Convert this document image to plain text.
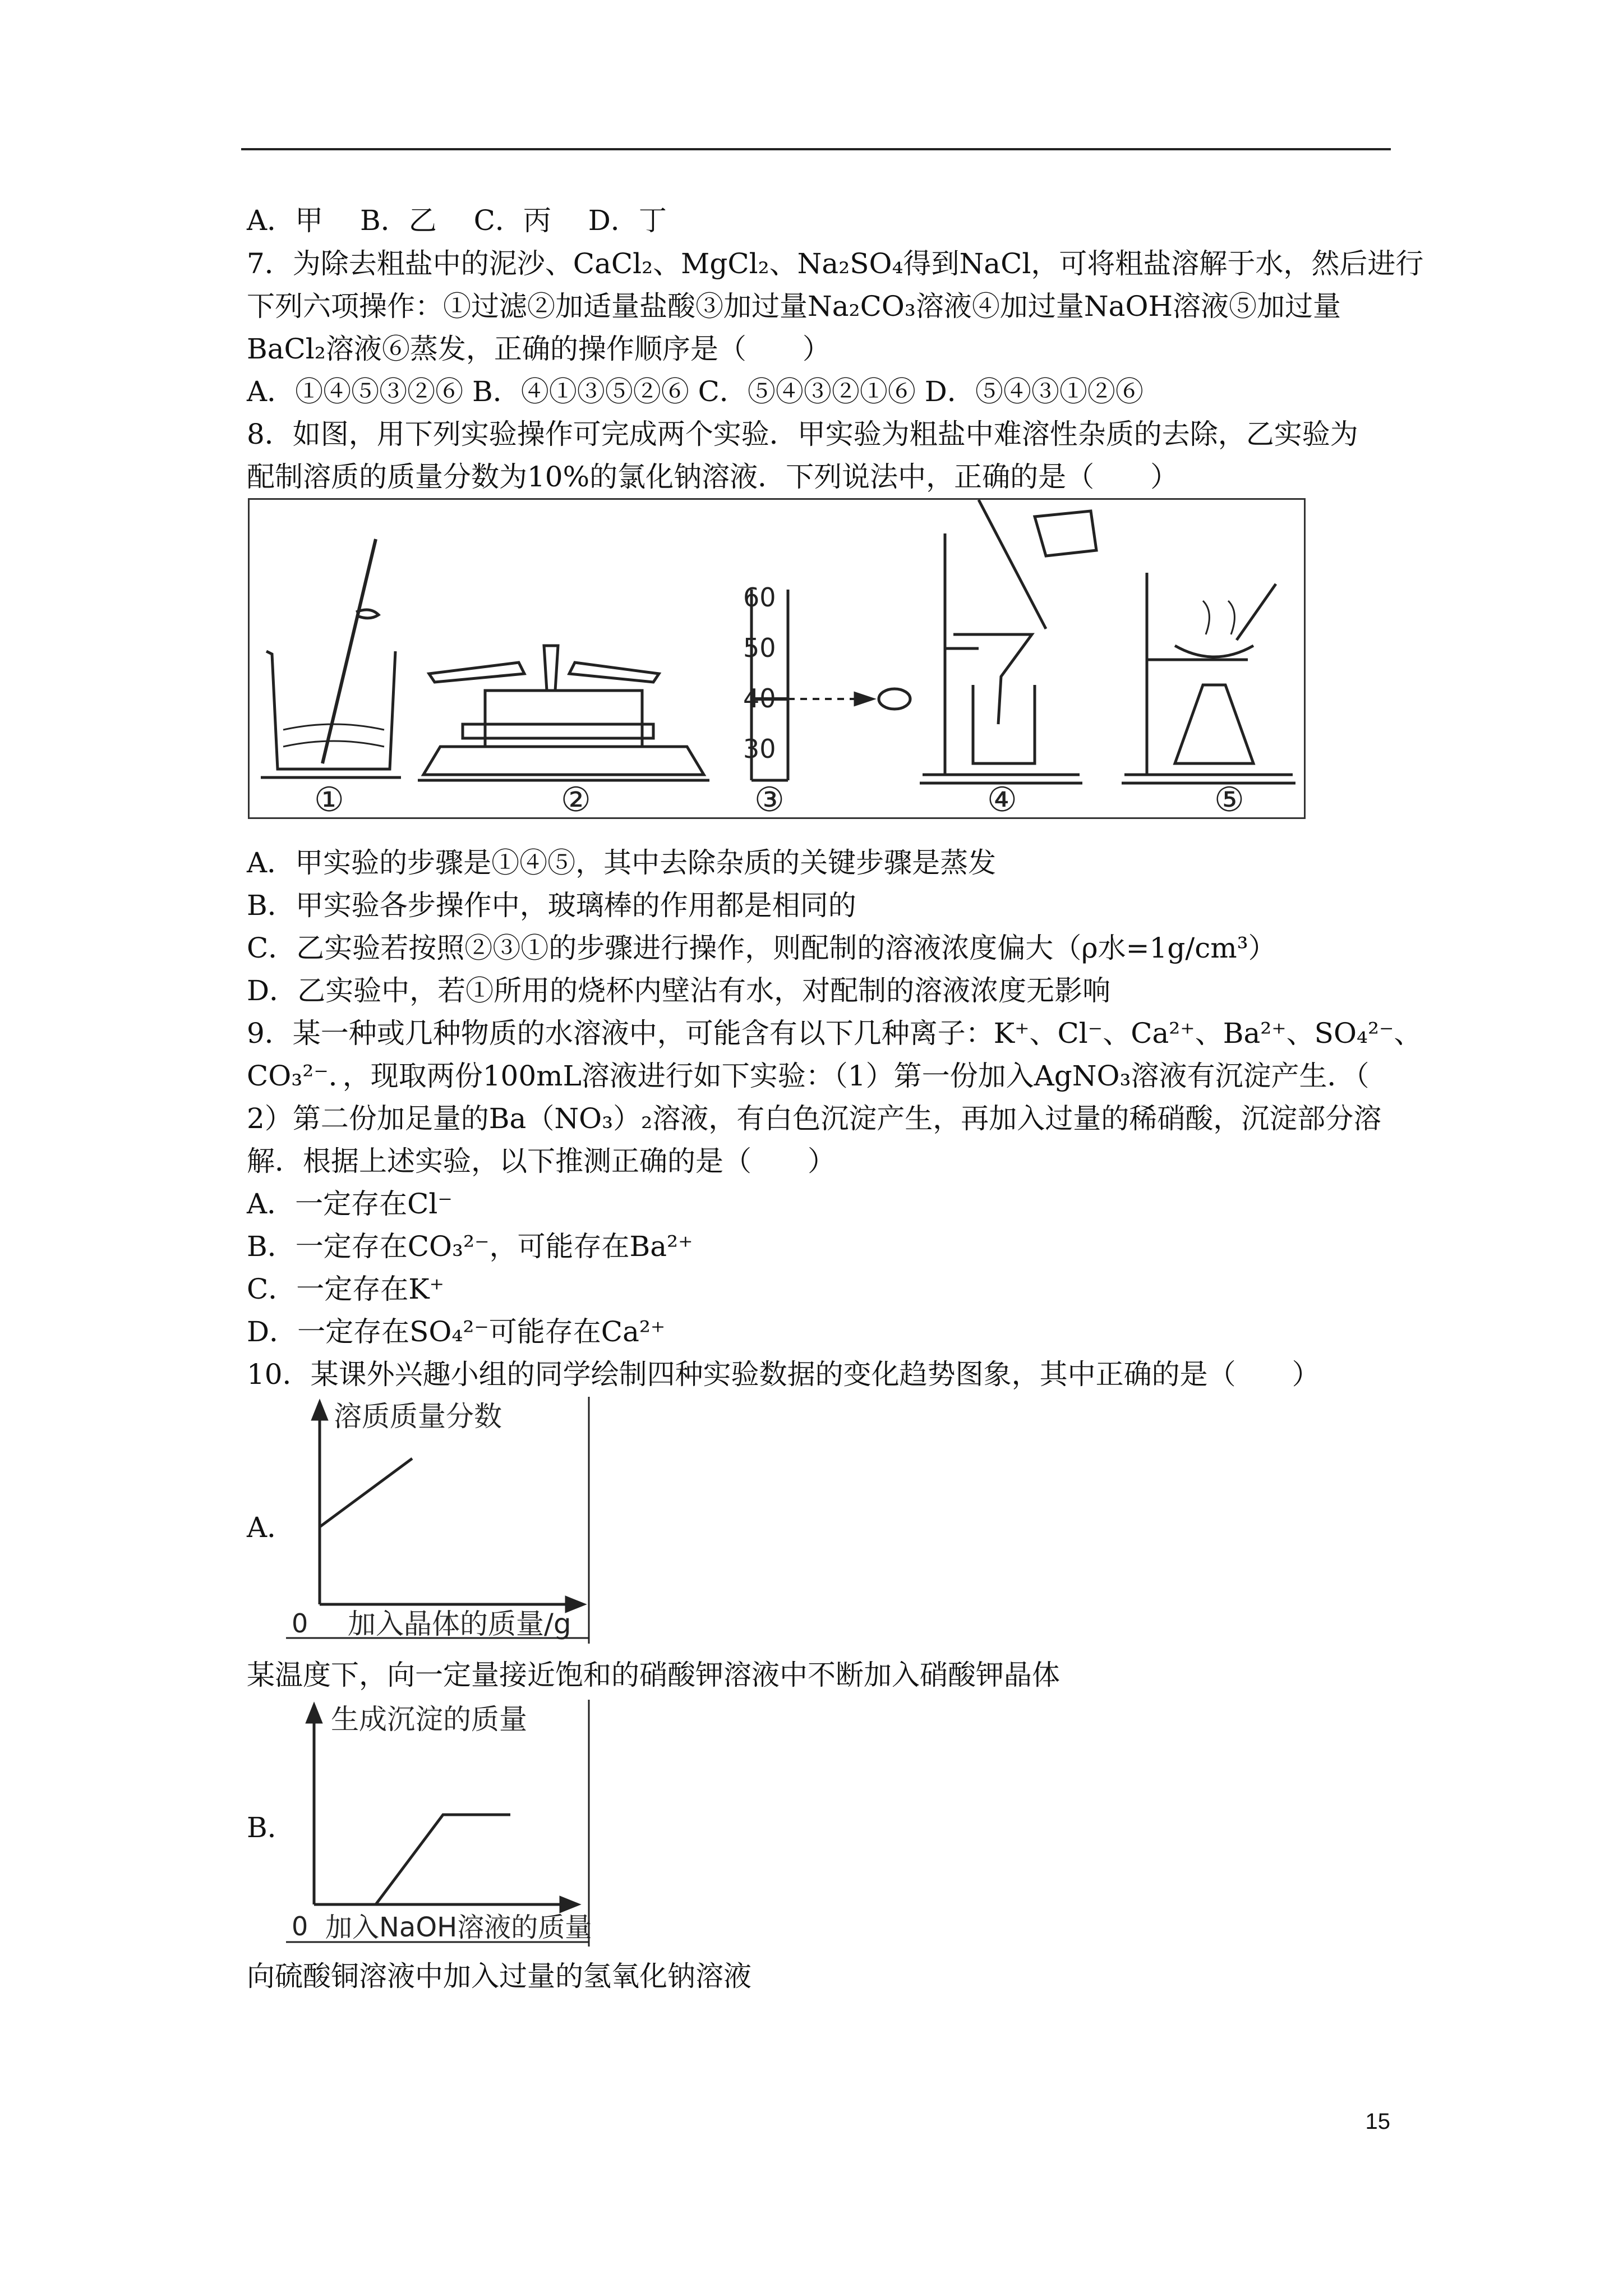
A．甲　 B．乙　 C．丙　 D．丁
7．为除去粗盐中的泥沙、CaCl₂、MgCl₂、Na₂SO₄得到NaCl，可将粗盐溶解于水，然后进行
下列六项操作：①过滤②加适量盐酸③加过量Na₂CO₃溶液④加过量NaOH溶液⑤加过量
BaCl₂溶液⑥蒸发，正确的操作顺序是（　　）
A．①④⑤③②⑥ B．④①③⑤②⑥ C．⑤④③②①⑥ D．⑤④③①②⑥
8．如图，用下列实验操作可完成两个实验．甲实验为粗盐中难溶性杂质的去除，乙实验为
配制溶质的质量分数为10%的氯化钠溶液．下列说法中，正确的是（　　）
60
50
40
30
①	②	③	④	⑤
A．甲实验的步骤是①④⑤，其中去除杂质的关键步骤是蒸发
B．甲实验各步操作中，玻璃棒的作用都是相同的
C．乙实验若按照②③①的步骤进行操作，则配制的溶液浓度偏大（ρ水=1g/cm³）
D．乙实验中，若①所用的烧杯内壁沾有水，对配制的溶液浓度无影响
9．某一种或几种物质的水溶液中，可能含有以下几种离子：K⁺、Cl⁻、Ca²⁺、Ba²⁺、SO₄²⁻、
CO₃²⁻．，现取两份100mL溶液进行如下实验：（1）第一份加入AgNO₃溶液有沉淀产生．（
2）第二份加足量的Ba（NO₃）₂溶液，有白色沉淀产生，再加入过量的稀硝酸，沉淀部分溶
解．根据上述实验，以下推测正确的是（　　）
A．一定存在Cl⁻
B．一定存在CO₃²⁻，可能存在Ba²⁺
C．一定存在K⁺
D．一定存在SO₄²⁻可能存在Ca²⁺
10．某课外兴趣小组的同学绘制四种实验数据的变化趋势图象，其中正确的是（　　）
A．
溶质质量分数
0 加入晶体的质量/g
某温度下，向一定量接近饱和的硝酸钾溶液中不断加入硝酸钾晶体
B．
生成沉淀的质量
0 加入NaOH溶液的质量
向硫酸铜溶液中加入过量的氢氧化钠溶液
15
